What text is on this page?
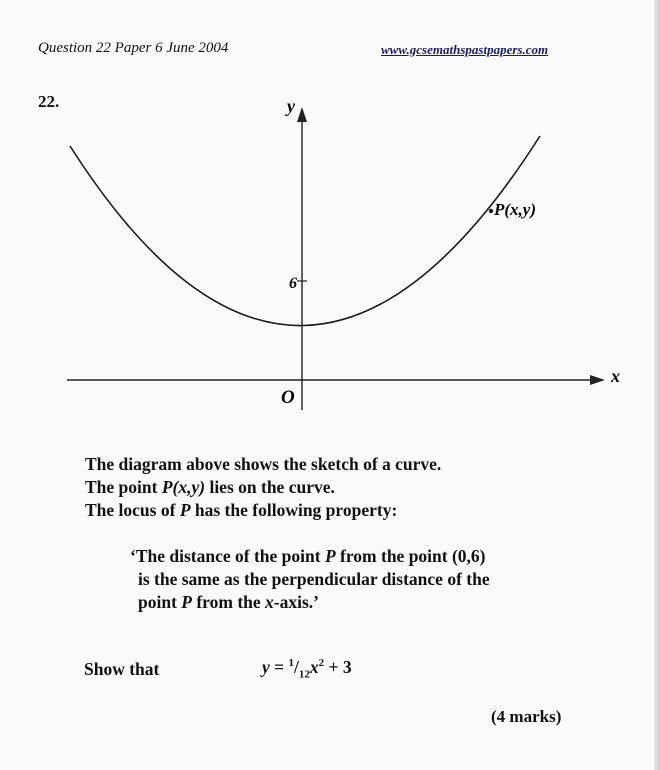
Question 22 Paper 6 June 2004	www.gcsemathspastpapers.com
22.	y
x
O
6
P(x,y)
The diagram above shows the sketch of a curve.
The point P(x,y) lies on the curve.
The locus of P has the following property:
‘The distance of the point P from the point (0,6)
is the same as the perpendicular distance of the
point P from the x-axis.’
Show that	$y = ^1/_{12}x^2 + 3$
(4 marks)
